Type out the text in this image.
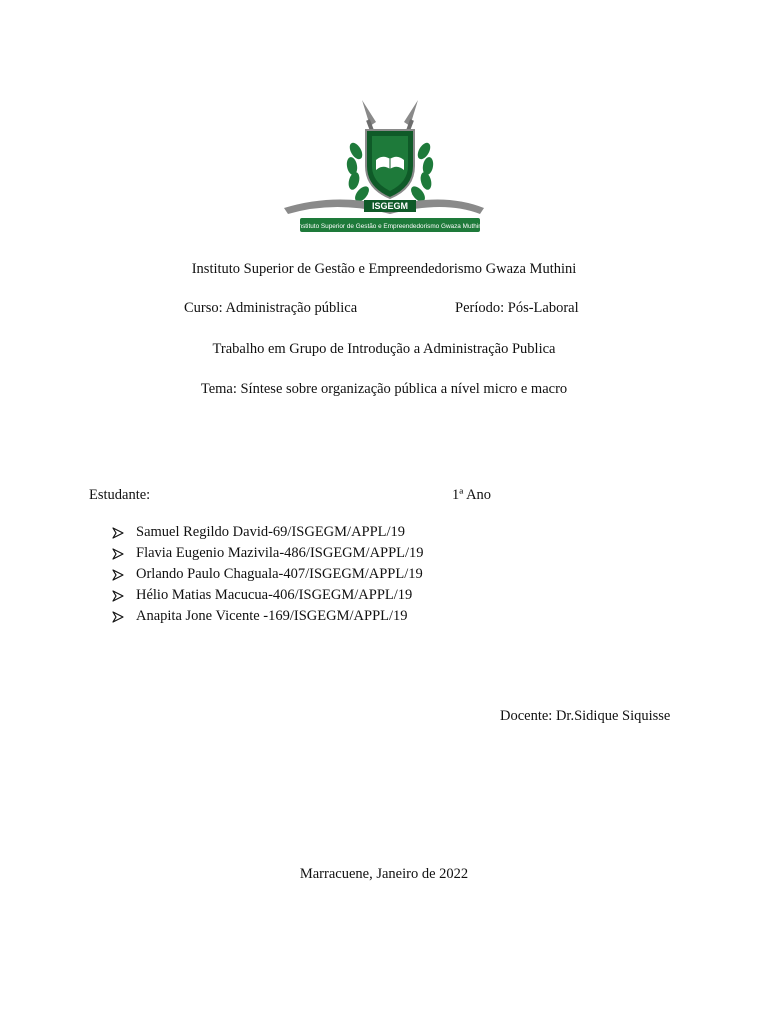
ISGEGM
Instituto Superior de Gestão e Empreendedorismo Gwaza Muthini
Instituto Superior de Gestão e Empreendedorismo Gwaza Muthini
Curso: Administração pública	Período: Pós-Laboral
Trabalho em Grupo de Introdução a Administração Publica
Tema: Síntese sobre organização pública a nível micro e macro
Estudante:	1ª Ano
Samuel Regildo David-69/ISGEGM/APPL/19
Flavia Eugenio Mazivila-486/ISGEGM/APPL/19
Orlando Paulo Chaguala-407/ISGEGM/APPL/19
Hélio Matias Macucua-406/ISGEGM/APPL/19
Anapita Jone Vicente -169/ISGEGM/APPL/19
Docente: Dr.Sidique Siquisse
Marracuene, Janeiro de 2022
